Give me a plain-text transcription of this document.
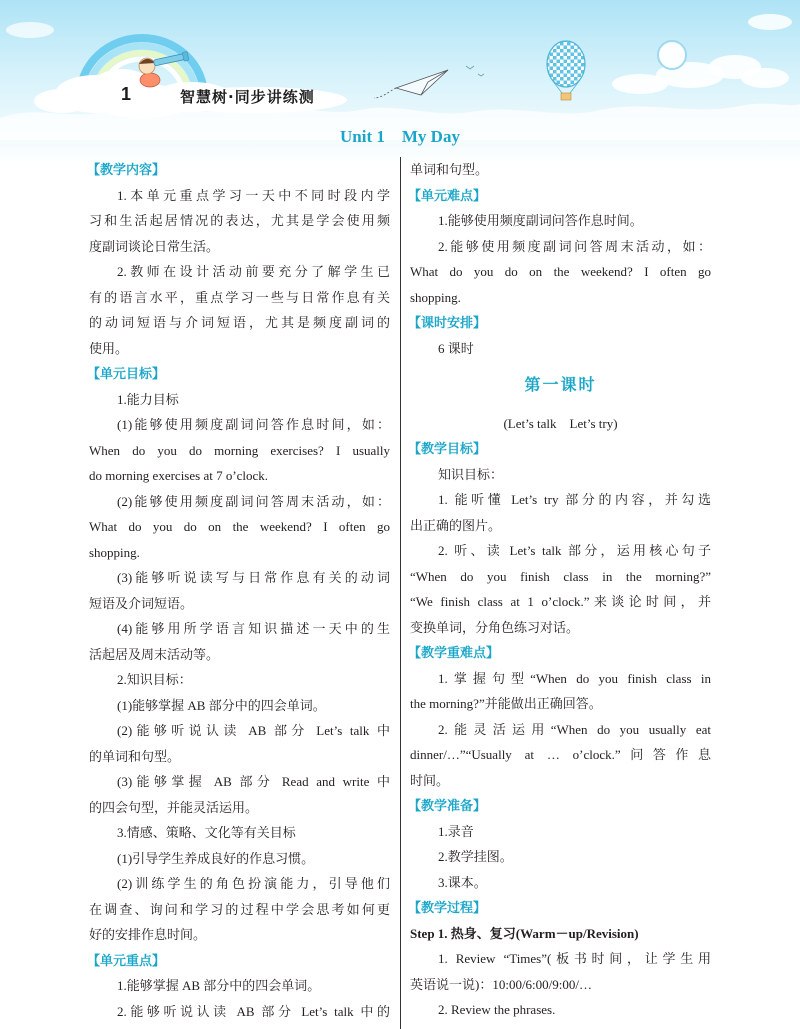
1	智慧树·同步讲练测
Unit 1　My Day
【教学内容】
1.本单元重点学习一天中不同时段内学
习和生活起居情况的表达，尤其是学会使用频
度副词谈论日常生活。
2.教师在设计活动前要充分了解学生已
有的语言水平，重点学习一些与日常作息有关
的动词短语与介词短语，尤其是频度副词的
使用。
【单元目标】
1.能力目标
(1)能够使用频度副词问答作息时间，如：
When do you do morning exercises? I usually
do morning exercises at 7 o’clock.
(2)能够使用频度副词问答周末活动，如：
What do you do on the weekend? I often go
shopping.
(3)能够听说读写与日常作息有关的动词
短语及介词短语。
(4)能够用所学语言知识描述一天中的生
活起居及周末活动等。
2.知识目标：
(1)能够掌握 AB 部分中的四会单词。
(2)能够听说认读 AB 部分 Let’s talk 中
的单词和句型。
(3)能够掌握 AB 部分 Read and write 中
的四会句型，并能灵活运用。
3.情感、策略、文化等有关目标
(1)引导学生养成良好的作息习惯。
(2)训练学生的角色扮演能力，引导他们
在调查、询问和学习的过程中学会思考如何更
好的安排作息时间。
【单元重点】
1.能够掌握 AB 部分中的四会单词。
2.能够听说认读 AB 部分 Let’s talk 中的
单词和句型。
【单元难点】
1.能够使用频度副词问答作息时间。
2.能够使用频度副词问答周末活动，如：
What do you do on the weekend? I often go
shopping.
【课时安排】
6 课时
第一课时
(Let’s talk　Let’s try)
【教学目标】
知识目标：
1. 能听懂 Let’s try 部分的内容，并勾选
出正确的图片。
2. 听、读 Let’s talk 部分，运用核心句子
“When do you finish class in the morning?”
“We finish class at 1 o’clock.”来谈论时间，并
变换单词，分角色练习对话。
【教学重难点】
1.掌握句型“When do you finish class in
the morning?”并能做出正确回答。
2.能灵活运用“When do you usually eat
dinner/…”“Usually at … o’clock.”问答作息
时间。
【教学准备】
1.录音
2.教学挂图。
3.课本。
【教学过程】
Step 1. 热身、复习(Warm－up/Revision)
1. Review “Times”(板书时间，让学生用
英语说一说)：10:00/6:00/9:00/…
2. Review the phrases.
